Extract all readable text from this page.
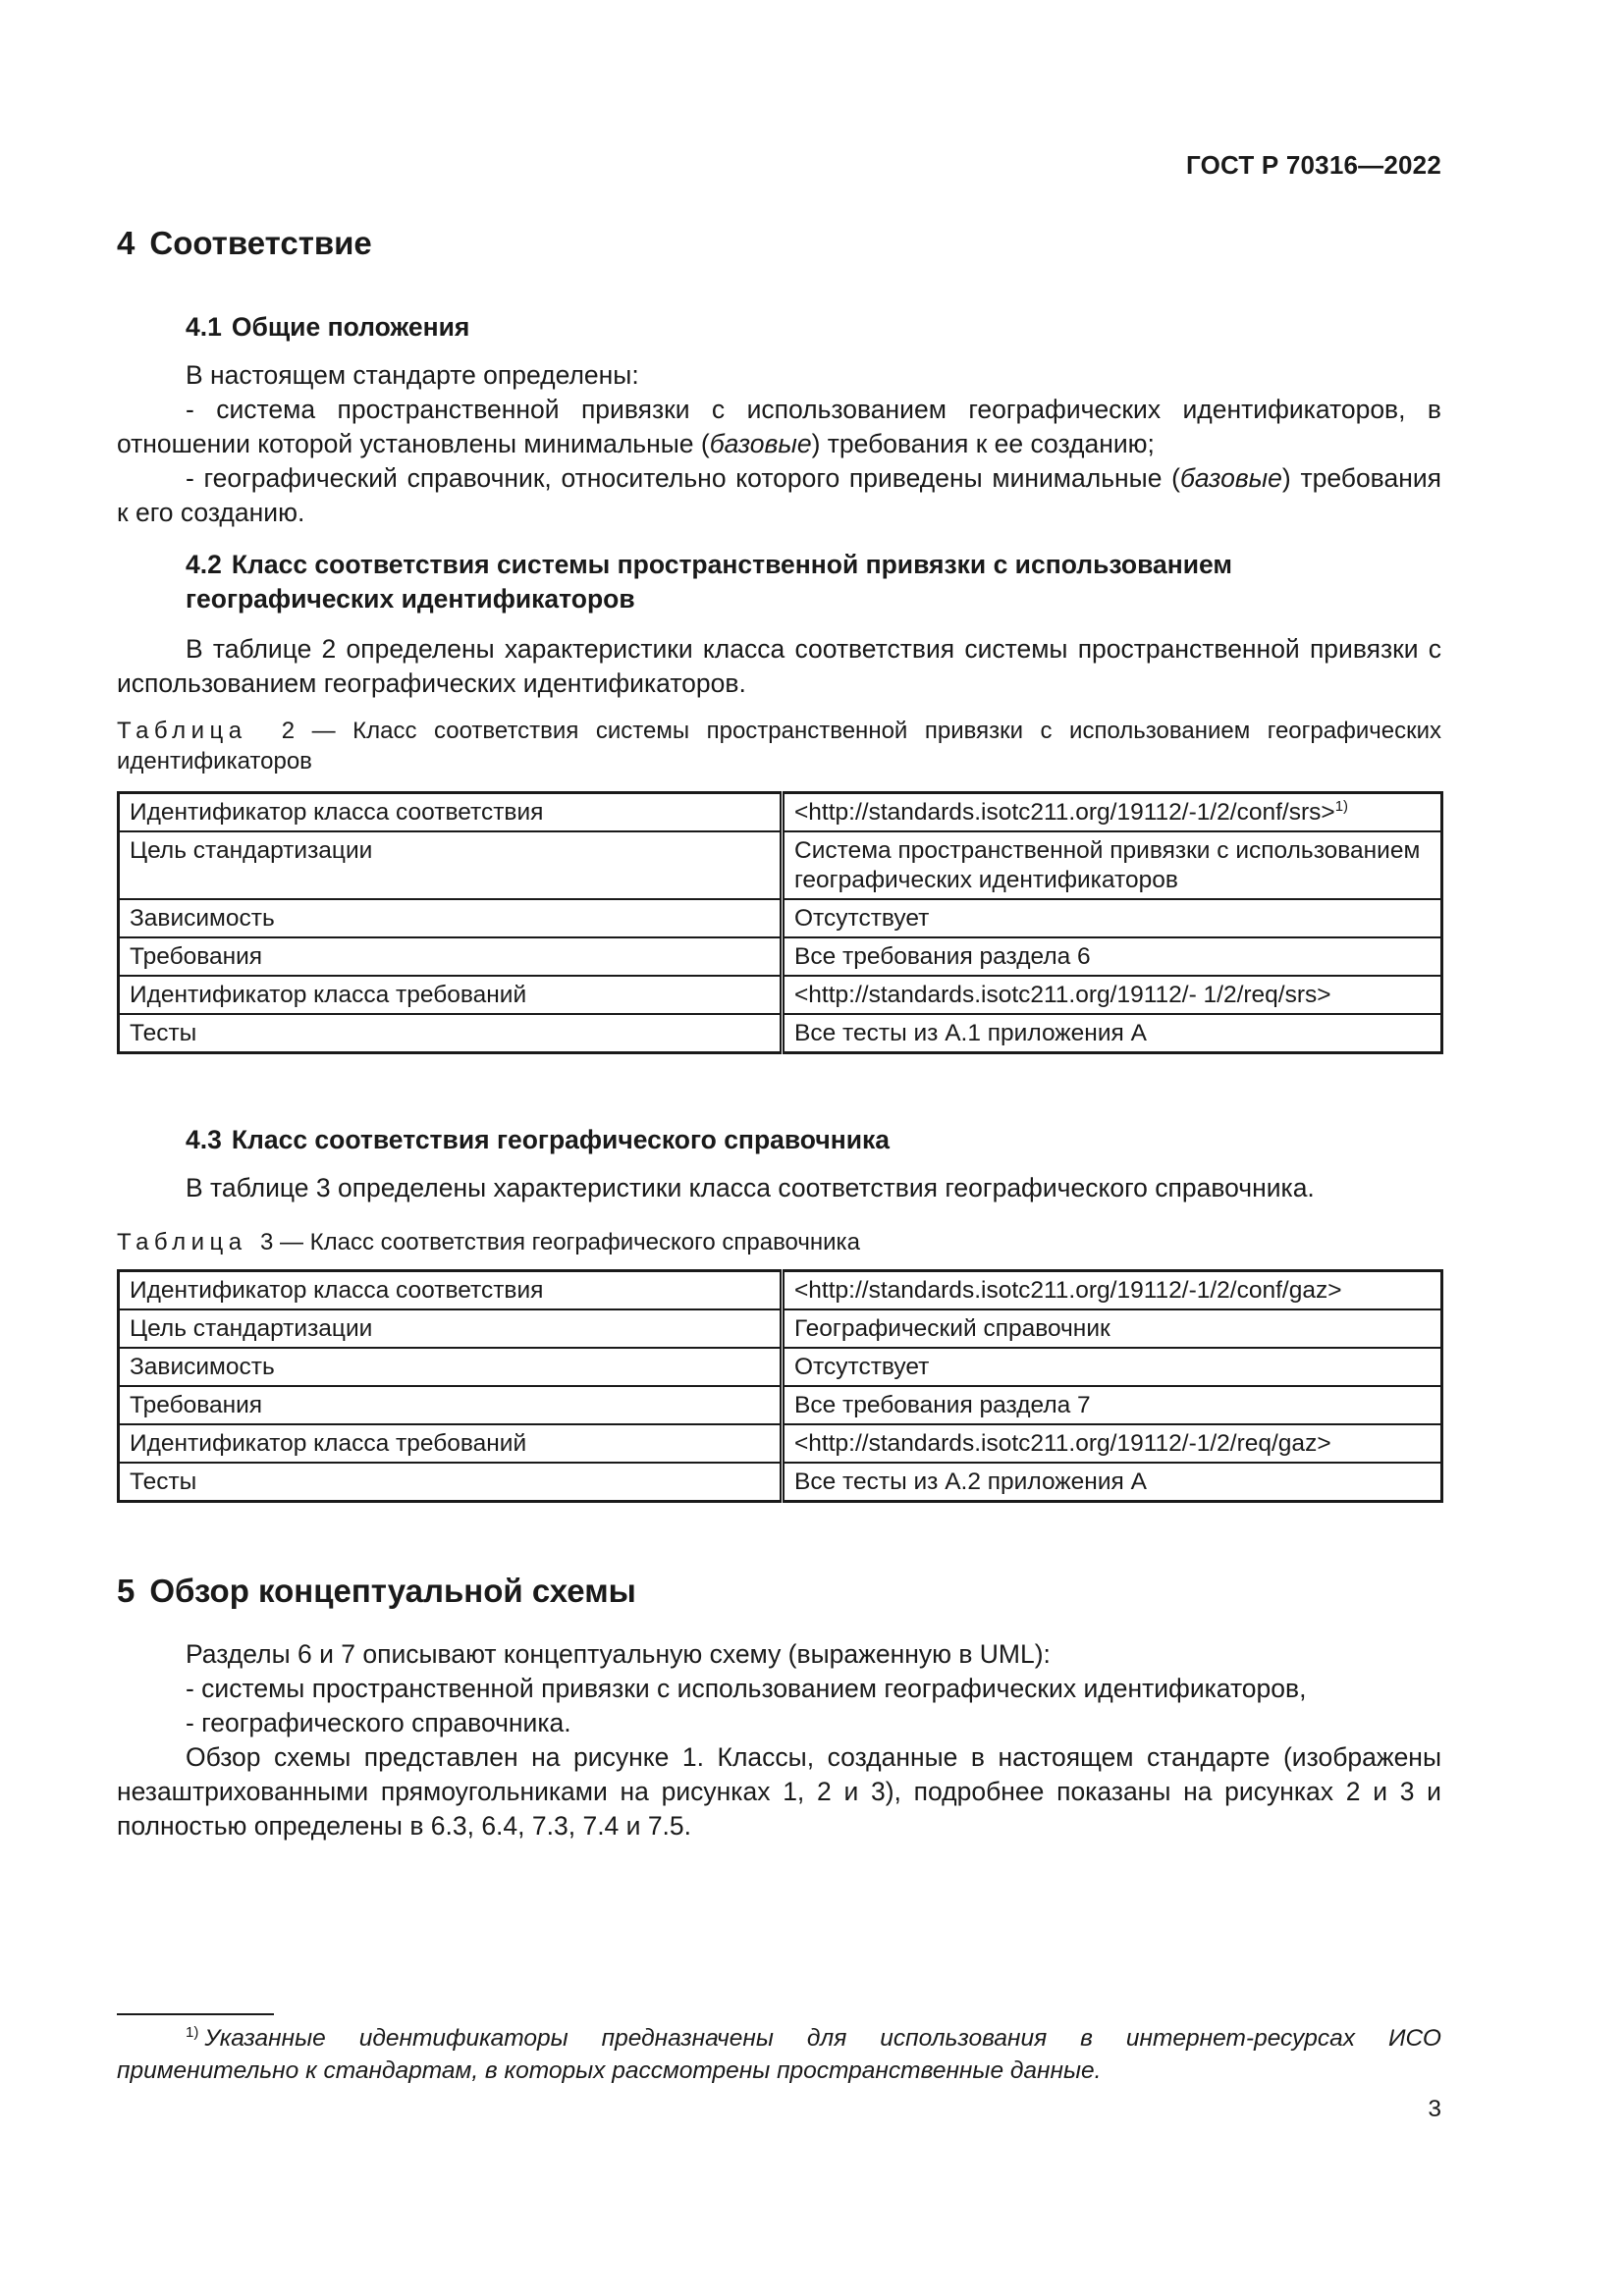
ГОСТ Р 70316—2022
4 Соответствие
4.1 Общие положения

В настоящем стандарте определены:

- система пространственной привязки с использованием географических идентификаторов, в отношении которой установлены минимальные (базовые) требования к ее созданию;

- географический справочник, относительно которого приведены минимальные (базовые) требования к его созданию.

4.2 Класс соответствия системы пространственной привязки с использованием географических идентификаторов

В таблице 2 определены характеристики класса соответствия системы пространственной привязки с использованием географических идентификаторов.

Таблица 2 — Класс соответствия системы пространственной привязки с использованием географических идентификаторов
Идентификатор класса соответствия	<http://standards.isotc211.org/19112/-1/2/conf/srs>$^{1)}$
Цель стандартизации	Система пространственной привязки с использованием географических идентификаторов
Зависимость	Отсутствует
Требования	Все требования раздела 6
Идентификатор класса требований	<http://standards.isotc211.org/19112/- 1/2/req/srs>
Тесты	Все тесты из А.1 приложения А
4.3 Класс соответствия географического справочника

В таблице 3 определены характеристики класса соответствия географического справочника.

Таблица 3 — Класс соответствия географического справочника
Идентификатор класса соответствия	<http://standards.isotc211.org/19112/-1/2/conf/gaz>
Цель стандартизации	Географический справочник
Зависимость	Отсутствует
Требования	Все требования раздела 7
Идентификатор класса требований	<http://standards.isotc211.org/19112/-1/2/req/gaz>
Тесты	Все тесты из А.2 приложения А
5 Обзор концептуальной схемы

Разделы 6 и 7 описывают концептуальную схему (выраженную в UML):

- системы пространственной привязки с использованием географических идентификаторов,

- географического справочника.

Обзор схемы представлен на рисунке 1. Классы, созданные в настоящем стандарте (изображены незаштрихованными прямоугольниками на рисунках 1, 2 и 3), подробнее показаны на рисунках 2 и 3 и полностью определены в 6.3, 6.4, 7.3, 7.4 и 7.5.

$^{1)}$ Указанные идентификаторы предназначены для использования в интернет-ресурсах ИСО применительно к стандартам, в которых рассмотрены пространственные данные.
3
